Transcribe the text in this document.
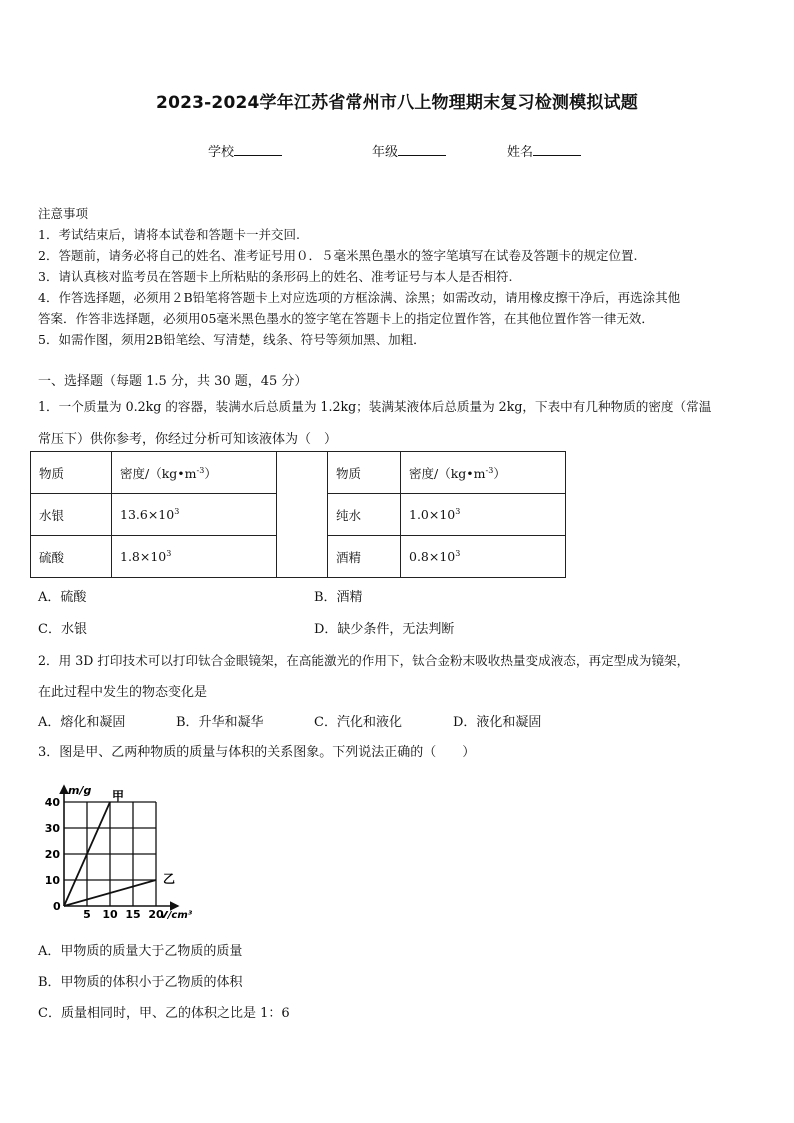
2023-2024学年江苏省常州市八上物理期末复习检测模拟试题
学校	年级	姓名
注意事项
1．考试结束后，请将本试卷和答题卡一并交回.
2．答题前，请务必将自己的姓名、准考证号用０．５毫米黑色墨水的签字笔填写在试卷及答题卡的规定位置.
3．请认真核对监考员在答题卡上所粘贴的条形码上的姓名、准考证号与本人是否相符.
4．作答选择题，必须用２B铅笔将答题卡上对应选项的方框涂满、涂黑；如需改动，请用橡皮擦干净后，再选涂其他
答案．作答非选择题，必须用05毫米黑色墨水的签字笔在答题卡上的指定位置作答，在其他位置作答一律无效．
5．如需作图，须用2B铅笔绘、写清楚，线条、符号等须加黑、加粗．
一、选择题（每题 1.5 分，共 30 题，45 分）
1．一个质量为 0.2kg 的容器，装满水后总质量为 1.2kg；装满某液体后总质量为 2kg，下表中有几种物质的密度（常温
常压下）供你参考，你经过分析可知该液体为（　）
物质	密度$/(kg•m^{-3})$		物质	密度$/(kg•m^{-3})$
水银	$13.6\times 10^3$		纯水	$1.0\times 10^3$
硫酸	$1.8\times 10^3$		酒精	$0.8\times 10^3$
A．硫酸	B．酒精
C．水银	D．缺少条件，无法判断
2．用 3D 打印技术可以打印钛合金眼镜架，在高能激光的作用下，钛合金粉末吸收热量变成液态，再定型成为镜架，
在此过程中发生的物态变化是
A．熔化和凝固	B．升华和凝华	C．汽化和液化	D．液化和凝固
3．图是甲、乙两种物质的质量与体积的关系图象。下列说法正确的（　　）
甲
乙
10
20
30
40
5 10 15 20
m/g
V/cm³
0
A．甲物质的质量大于乙物质的质量
B．甲物质的体积小于乙物质的体积
C．质量相同时，甲、乙的体积之比是 1：6
